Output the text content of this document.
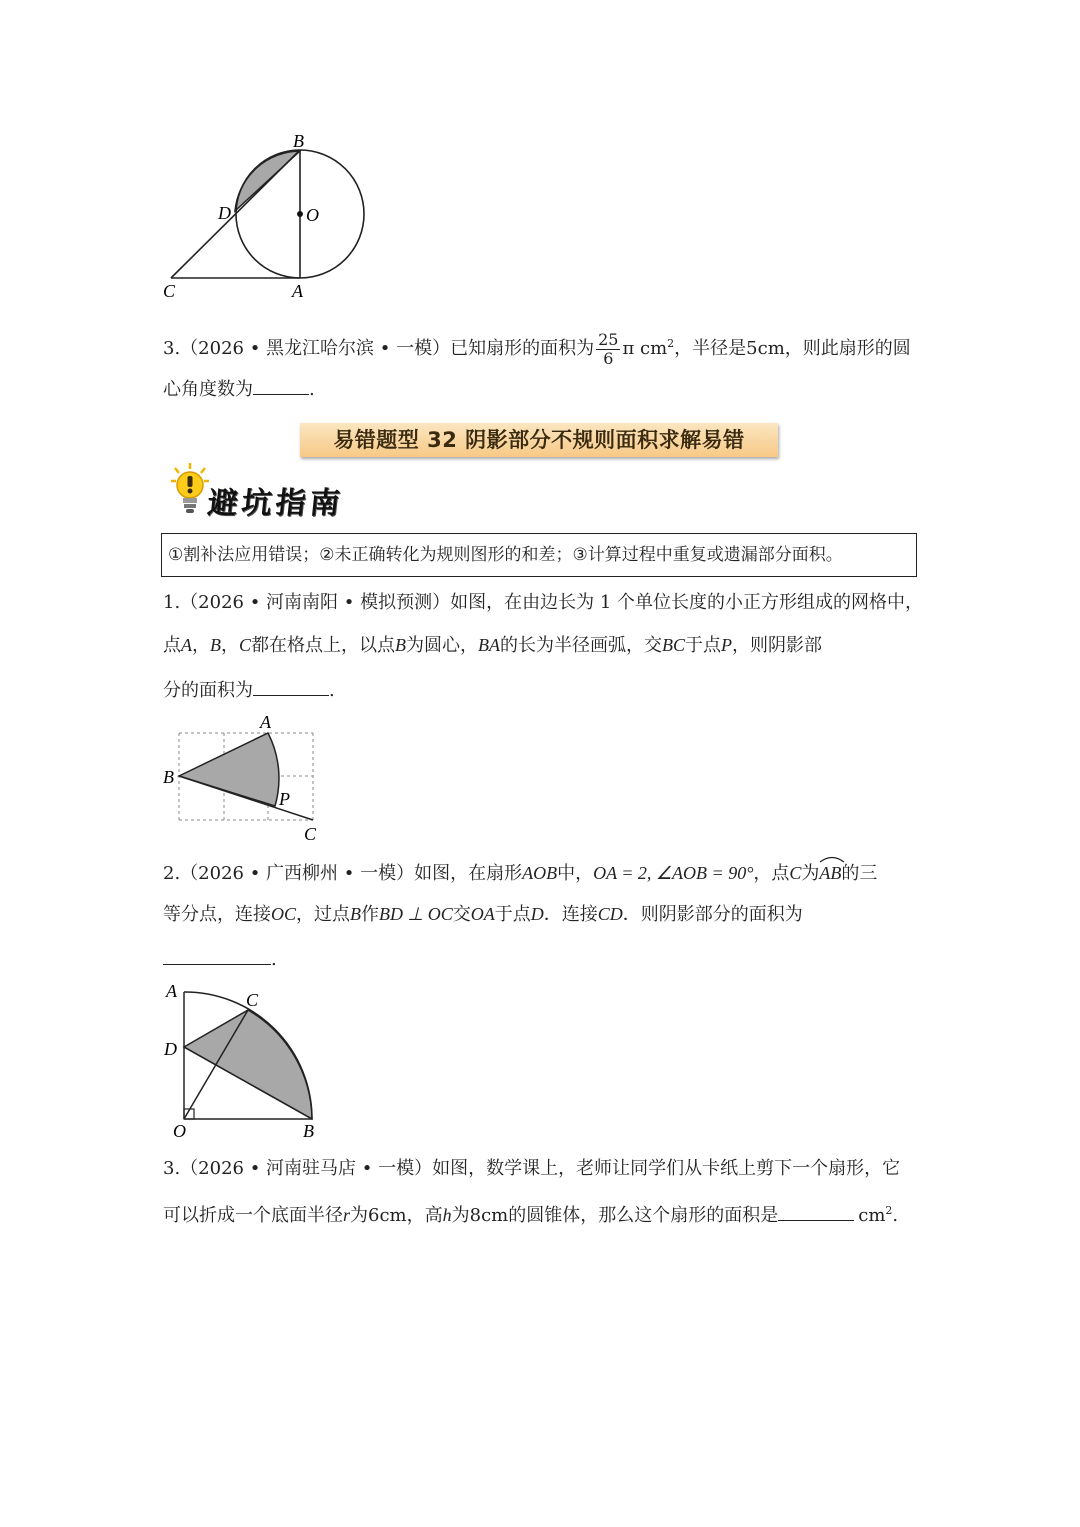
B
O
D
C	A
3.（2026 • 黑龙江哈尔滨 • 一模）已知扇形的面积为 $\frac{25}{6}$ π $cm^2$，半径是5cm，则此扇形的圆
心角度数为	.
易错题型 32 阴影部分不规则面积求解易错
避坑指南
①割补法应用错误；②未正确转化为规则图形的和差；③计算过程中重复或遗漏部分面积。
1.（2026 • 河南南阳 • 模拟预测）如图，在由边长为 1 个单位长度的小正方形组成的网格中，
点A，B，C都在格点上，以点B为圆心，BA的长为半径画弧，交BC于点P，则阴影部
分的面积为	.
A
B
P
C
2.（2026 • 广西柳州 • 一模）如图，在扇形AOB中，OA = 2, ∠AOB = 90°，点C为AB
的三
等分点，连接OC，过点B作BD ⊥ OC交OA于点D．连接CD．则阴影部分的面积为
.
A	C
D
O	B
3.（2026 • 河南驻马店 • 一模）如图，数学课上，老师让同学们从卡纸上剪下一个扇形，它
可以折成一个底面半径r为6cm，高h为8cm的圆锥体，那么这个扇形的面积是	$cm^2$.
